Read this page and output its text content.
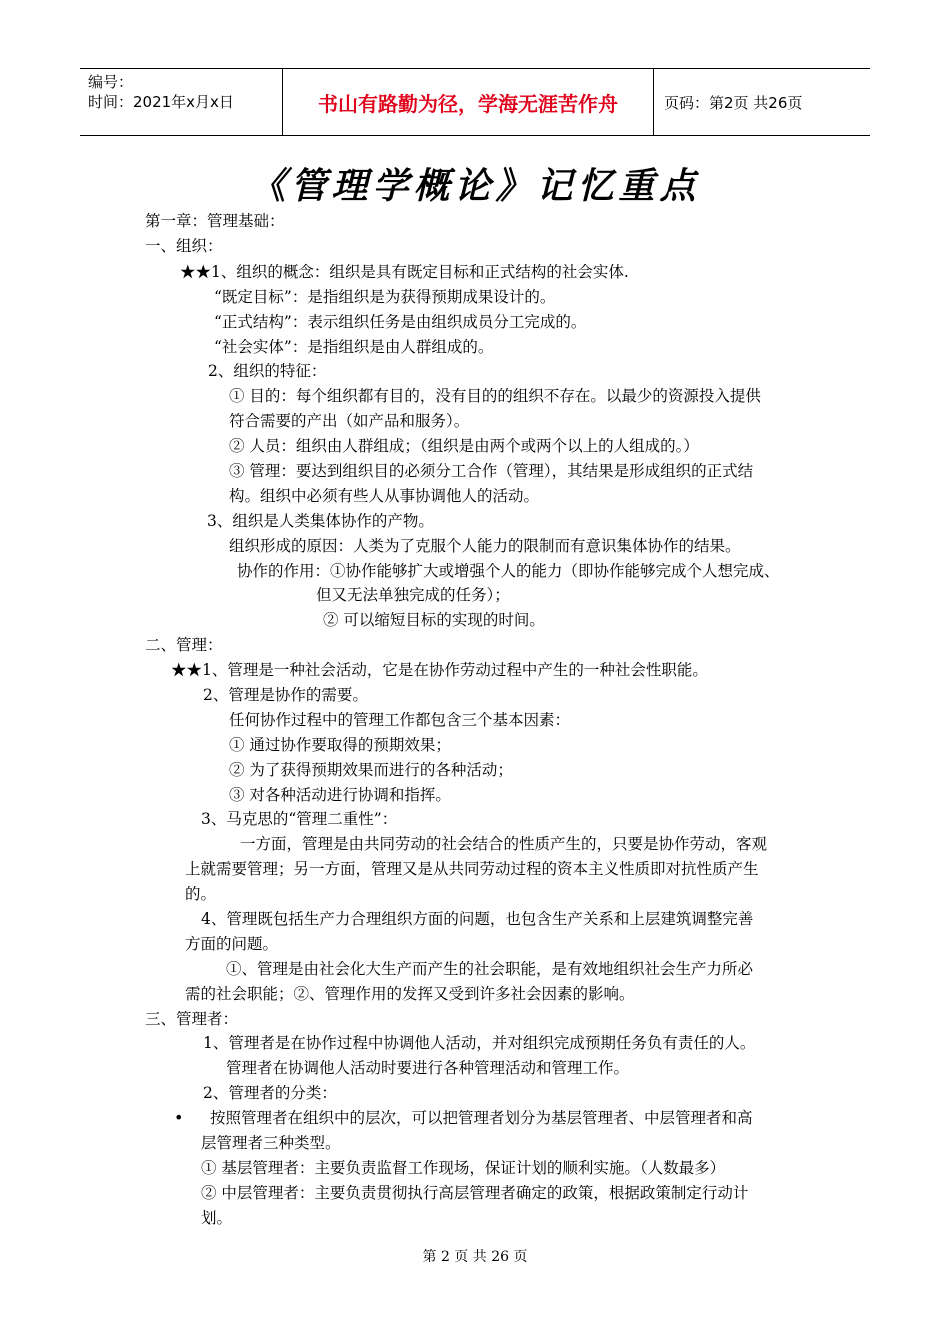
编号：
时间：2021年x月x日	书山有路勤为径，学海无涯苦作舟	页码：第2页 共26页
《管理学概论》记忆重点
第一章：管理基础：
一、组织：
★★1、组织的概念：组织是具有既定目标和正式结构的社会实体.
“既定目标”：是指组织是为获得预期成果设计的。
“正式结构”：表示组织任务是由组织成员分工完成的。
“社会实体”：是指组织是由人群组成的。
2、组织的特征：
① 目的：每个组织都有目的，没有目的的组织不存在。以最少的资源投入提供
符合需要的产出（如产品和服务）。
② 人员：组织由人群组成；（组织是由两个或两个以上的人组成的。）
③ 管理：要达到组织目的必须分工合作（管理），其结果是形成组织的正式结
构。组织中必须有些人从事协调他人的活动。
3、组织是人类集体协作的产物。
组织形成的原因：人类为了克服个人能力的限制而有意识集体协作的结果。
协作的作用：①协作能够扩大或增强个人的能力（即协作能够完成个人想完成、
但又无法单独完成的任务）；
② 可以缩短目标的实现的时间。
二、管理：
★★1、管理是一种社会活动，它是在协作劳动过程中产生的一种社会性职能。
2、管理是协作的需要。
任何协作过程中的管理工作都包含三个基本因素：
① 通过协作要取得的预期效果；
② 为了获得预期效果而进行的各种活动；
③ 对各种活动进行协调和指挥。
3、马克思的“管理二重性”：
一方面，管理是由共同劳动的社会结合的性质产生的，只要是协作劳动，客观
上就需要管理；另一方面，管理又是从共同劳动过程的资本主义性质即对抗性质产生
的。
4、管理既包括生产力合理组织方面的问题，也包含生产关系和上层建筑调整完善
方面的问题。
①、管理是由社会化大生产而产生的社会职能，是有效地组织社会生产力所必
需的社会职能；②、管理作用的发挥又受到许多社会因素的影响。
三、管理者：
1、管理者是在协作过程中协调他人活动，并对组织完成预期任务负有责任的人。
管理者在协调他人活动时要进行各种管理活动和管理工作。
2、管理者的分类：
• 按照管理者在组织中的层次，可以把管理者划分为基层管理者、中层管理者和高
层管理者三种类型。
① 基层管理者：主要负责监督工作现场，保证计划的顺利实施。（人数最多）
② 中层管理者：主要负责贯彻执行高层管理者确定的政策，根据政策制定行动计
划。
第 2 页 共 26 页
